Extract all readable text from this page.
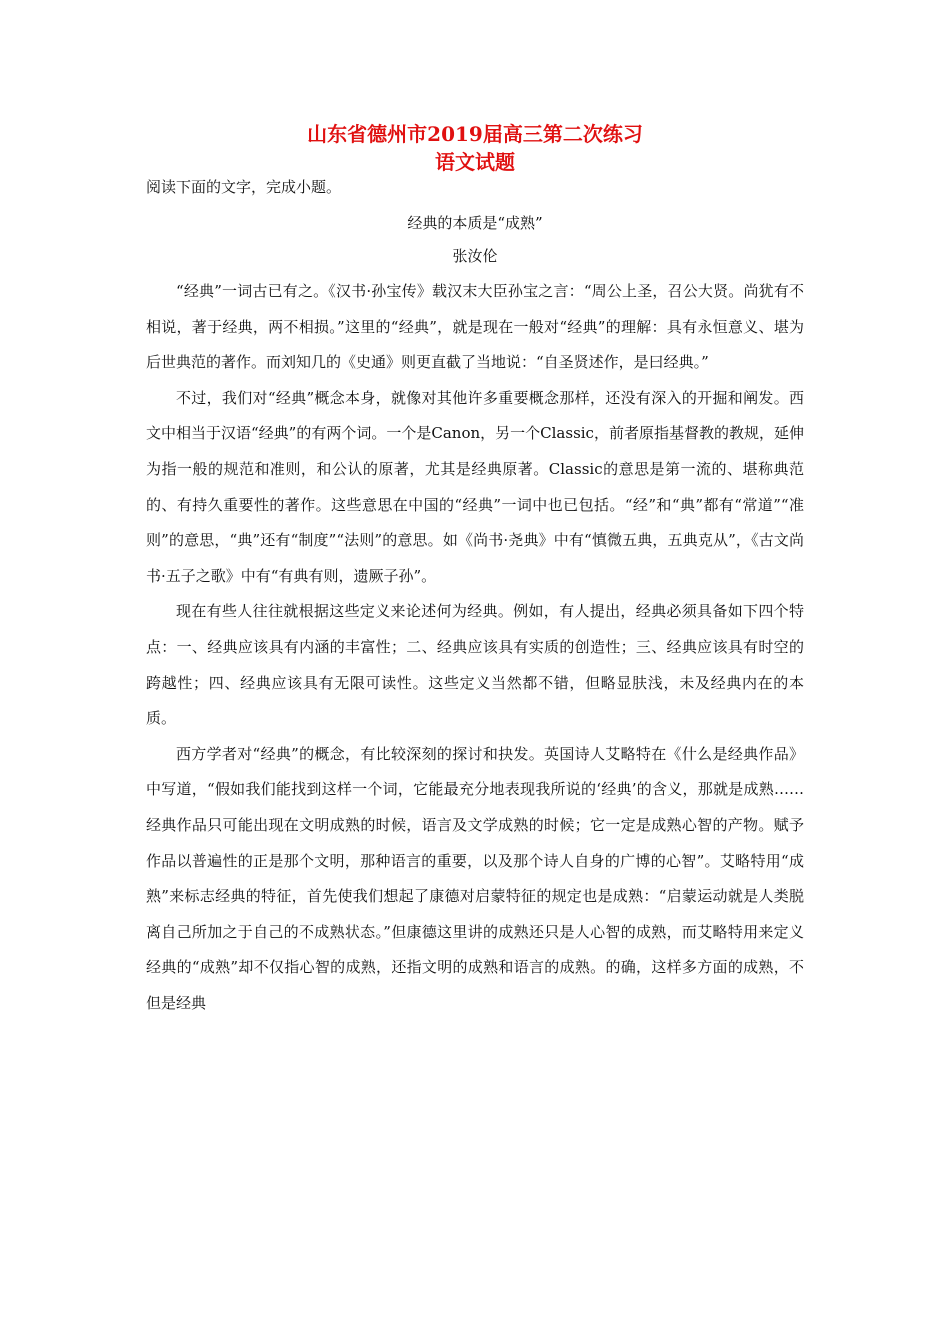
山东省德州市2019届高三第二次练习
语文试题
阅读下面的文字，完成小题。
经典的本质是“成熟”
张汝伦

“经典”一词古已有之。《汉书·孙宝传》载汉末大臣孙宝之言：“周公上圣，召公大贤。尚犹有不相说，著于经典，两不相损。”这里的“经典”，就是现在一般对“经典”的理解：具有永恒意义、堪为后世典范的著作。而刘知几的《史通》则更直截了当地说：“自圣贤述作，是曰经典。”

不过，我们对“经典”概念本身，就像对其他许多重要概念那样，还没有深入的开掘和阐发。西文中相当于汉语“经典”的有两个词。一个是Canon，另一个Classic，前者原指基督教的教规，延伸为指一般的规范和准则，和公认的原著，尤其是经典原著。Classic的意思是第一流的、堪称典范的、有持久重要性的著作。这些意思在中国的“经典”一词中也已包括。“经”和“典”都有“常道”“准则”的意思，“典”还有“制度”“法则”的意思。如《尚书·尧典》中有“慎微五典，五典克从”，《古文尚书·五子之歌》中有“有典有则，遗厥子孙”。

现在有些人往往就根据这些定义来论述何为经典。例如，有人提出，经典必须具备如下四个特点：一、经典应该具有内涵的丰富性；二、经典应该具有实质的创造性；三、经典应该具有时空的跨越性；四、经典应该具有无限可读性。这些定义当然都不错，但略显肤浅，未及经典内在的本质。

西方学者对“经典”的概念，有比较深刻的探讨和抉发。英国诗人艾略特在《什么是经典作品》中写道，“假如我们能找到这样一个词，它能最充分地表现我所说的‘经典’的含义，那就是成熟……经典作品只可能出现在文明成熟的时候，语言及文学成熟的时候；它一定是成熟心智的产物。赋予作品以普遍性的正是那个文明，那种语言的重要，以及那个诗人自身的广博的心智”。艾略特用“成熟”来标志经典的特征，首先使我们想起了康德对启蒙特征的规定也是成熟：“启蒙运动就是人类脱离自己所加之于自己的不成熟状态。”但康德这里讲的成熟还只是人心智的成熟，而艾略特用来定义经典的“成熟”却不仅指心智的成熟，还指文明的成熟和语言的成熟。的确，这样多方面的成熟，不但是经典
